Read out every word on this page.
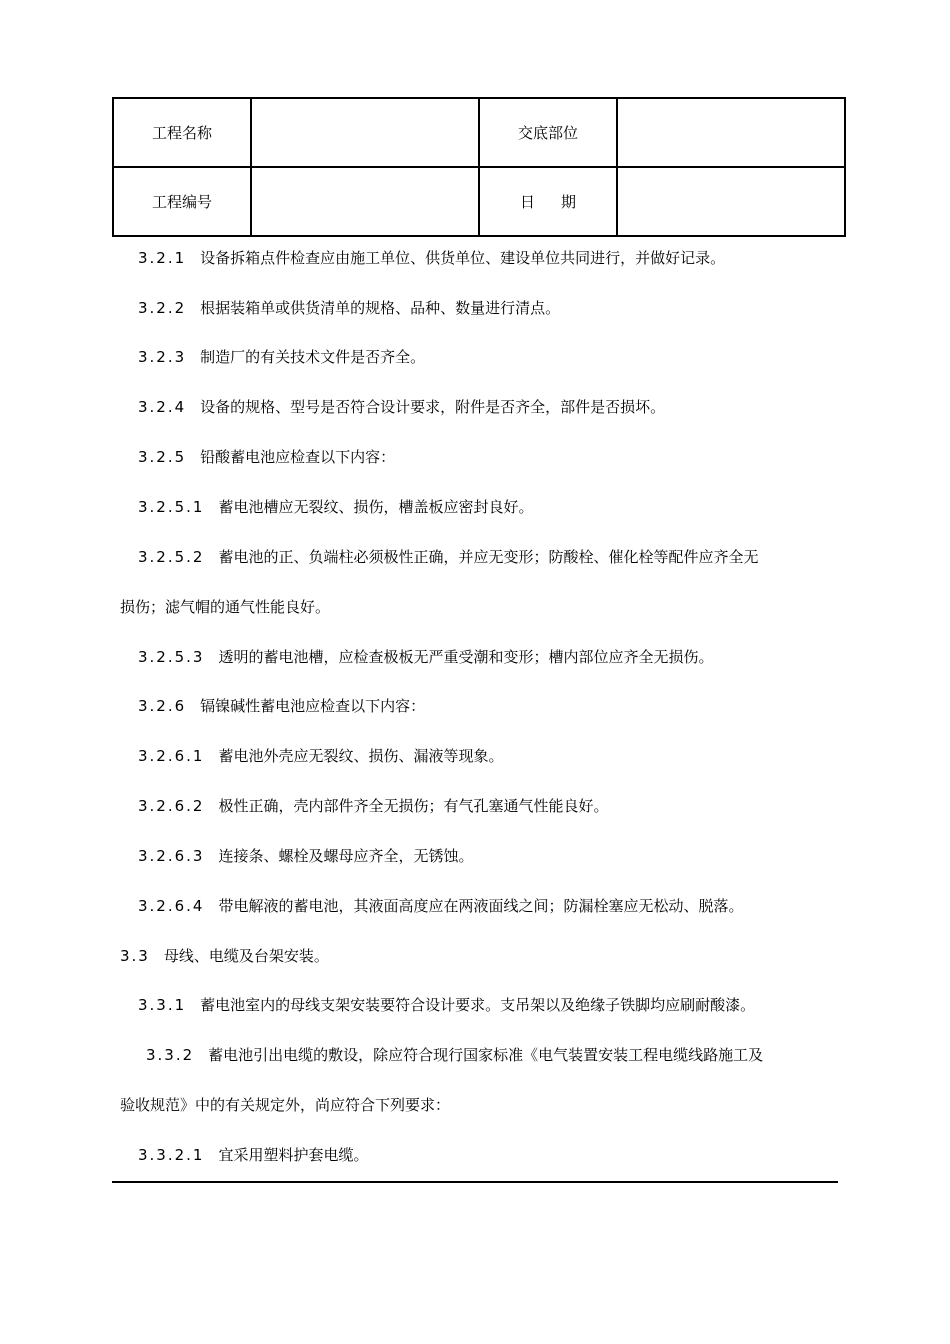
工程名称		交底部位	
工程编号		日期	
3.2.1 设备拆箱点件检查应由施工单位、供货单位、建设单位共同进行，并做好记录。
3.2.2 根据装箱单或供货清单的规格、品种、数量进行清点。
3.2.3 制造厂的有关技术文件是否齐全。
3.2.4 设备的规格、型号是否符合设计要求，附件是否齐全，部件是否损坏。
3.2.5 铅酸蓄电池应检查以下内容：
3.2.5.1 蓄电池槽应无裂纹、损伤，槽盖板应密封良好。
3.2.5.2 蓄电池的正、负端柱必须极性正确，并应无变形；防酸栓、催化栓等配件应齐全无
损伤；滤气帽的通气性能良好。
3.2.5.3 透明的蓄电池槽，应检查极板无严重受潮和变形；槽内部位应齐全无损伤。
3.2.6 镉镍碱性蓄电池应检查以下内容：
3.2.6.1 蓄电池外壳应无裂纹、损伤、漏液等现象。
3.2.6.2 极性正确，壳内部件齐全无损伤；有气孔塞通气性能良好。
3.2.6.3 连接条、螺栓及螺母应齐全，无锈蚀。
3.2.6.4 带电解液的蓄电池，其液面高度应在两液面线之间；防漏栓塞应无松动、脱落。
3.3 母线、电缆及台架安装。
3.3.1 蓄电池室内的母线支架安装要符合设计要求。支吊架以及绝缘子铁脚均应刷耐酸漆。
3.3.2 蓄电池引出电缆的敷设，除应符合现行国家标准《电气装置安装工程电缆线路施工及
验收规范》中的有关规定外，尚应符合下列要求：
3.3.2.1 宜采用塑料护套电缆。
